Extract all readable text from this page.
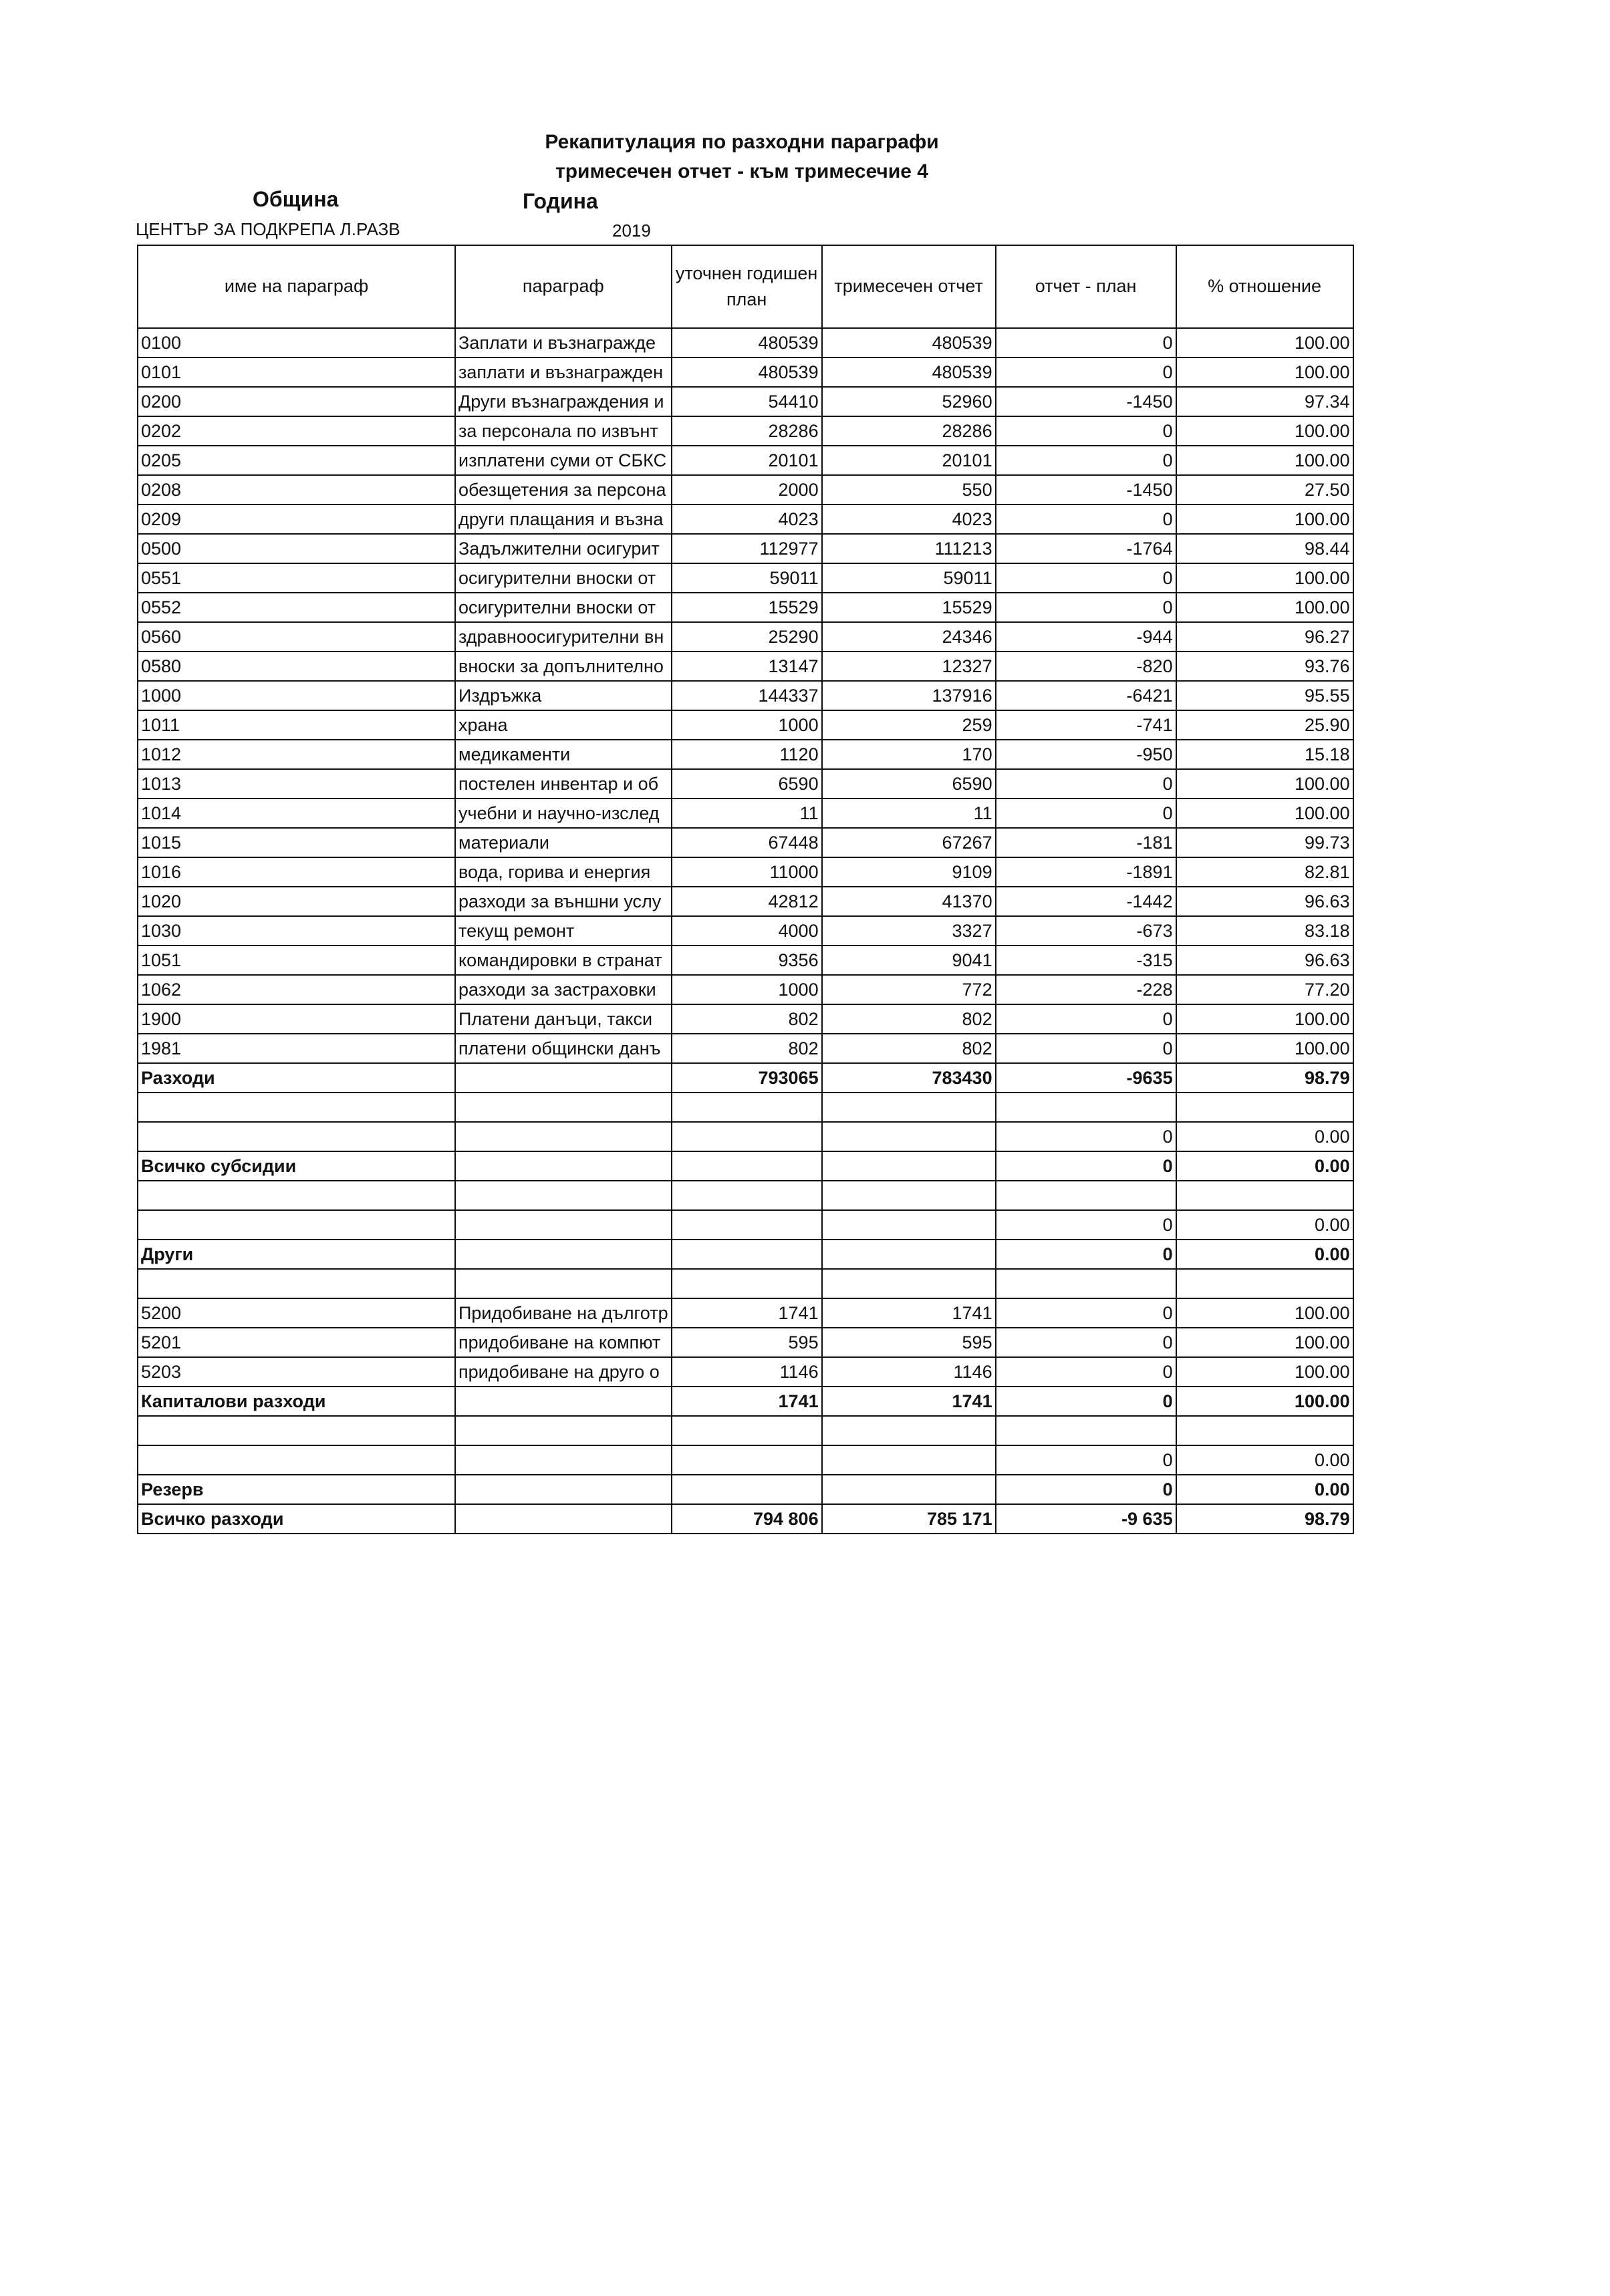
Рекапитулация по разходни параграфи
тримесечен отчет - към тримесечие 4
Община	Година
ЦЕНТЪР ЗА ПОДКРЕПА Л.РАЗВ	2019
име на параграф	параграф	уточнен годишен план	тримесечен отчет	отчет - план	% отношение
0100	Заплати и възнагражде	480539	480539	0	100.00
0101	заплати и възнагражден	480539	480539	0	100.00
0200	Други възнаграждения и	54410	52960	-1450	97.34
0202	за персонала по извънт	28286	28286	0	100.00
0205	изплатени суми от СБКС	20101	20101	0	100.00
0208	обезщетения за персона	2000	550	-1450	27.50
0209	други плащания и възна	4023	4023	0	100.00
0500	Задължителни осигурит	112977	111213	-1764	98.44
0551	осигурителни вноски от	59011	59011	0	100.00
0552	осигурителни вноски от	15529	15529	0	100.00
0560	здравноосигурителни вн	25290	24346	-944	96.27
0580	вноски за допълнително	13147	12327	-820	93.76
1000	Издръжка	144337	137916	-6421	95.55
1011	храна	1000	259	-741	25.90
1012	медикаменти	1120	170	-950	15.18
1013	постелен инвентар и об	6590	6590	0	100.00
1014	учебни и научно-изслед	11	11	0	100.00
1015	материали	67448	67267	-181	99.73
1016	вода, горива и енергия	11000	9109	-1891	82.81
1020	разходи за външни услу	42812	41370	-1442	96.63
1030	текущ ремонт	4000	3327	-673	83.18
1051	командировки в странат	9356	9041	-315	96.63
1062	разходи за застраховки	1000	772	-228	77.20
1900	Платени данъци, такси	802	802	0	100.00
1981	платени общински данъ	802	802	0	100.00
Разходи		793065	783430	-9635	98.79

				0	0.00
Всичко субсидии				0	0.00

				0	0.00
Други				0	0.00

5200	Придобиване на дълготр	1741	1741	0	100.00
5201	придобиване на компют	595	595	0	100.00
5203	придобиване на друго о	1146	1146	0	100.00
Капиталови разходи		1741	1741	0	100.00

				0	0.00
Резерв				0	0.00
Всичко разходи		794 806	785 171	-9 635	98.79
